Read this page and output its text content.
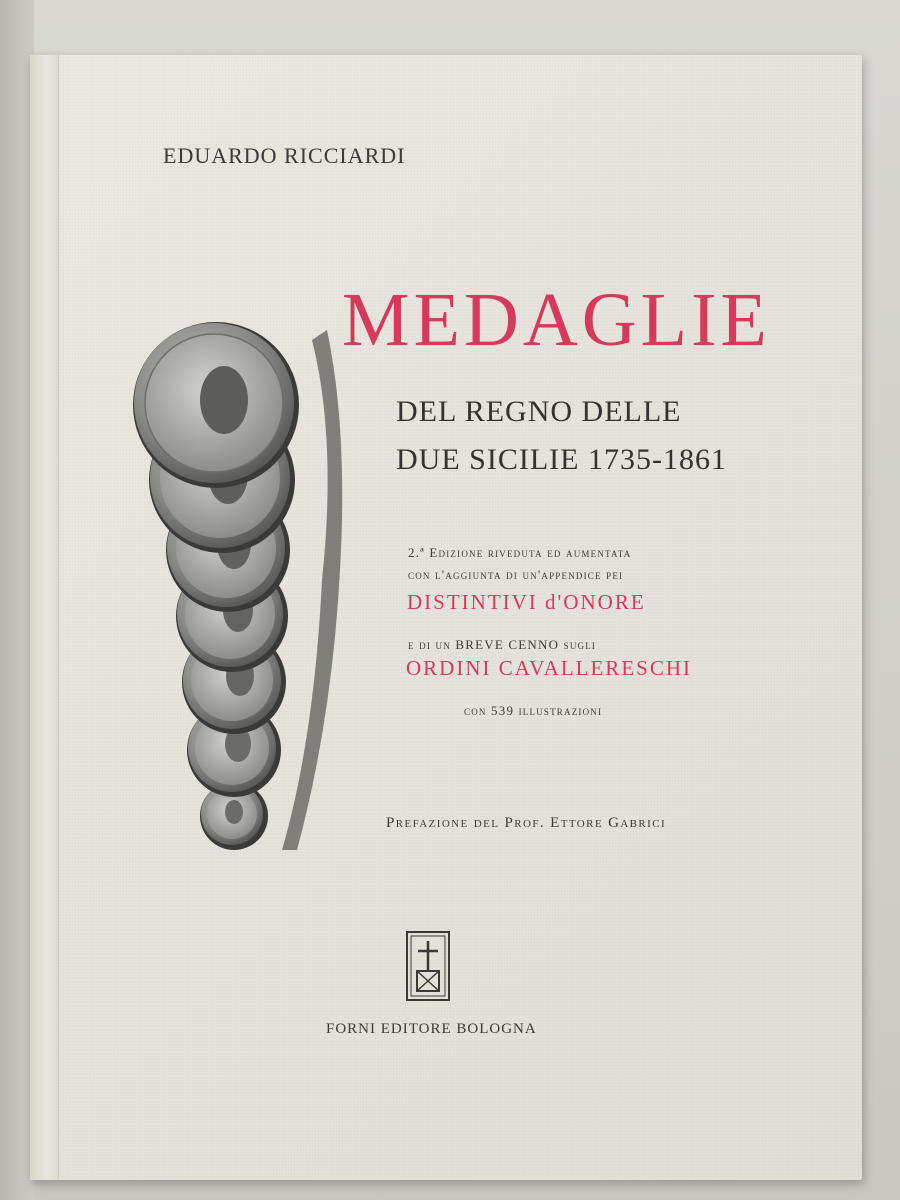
EDUARDO RICCIARDI
MEDAGLIE
DEL REGNO DELLE
DUE SICILIE 1735-1861
2.ª Edizione riveduta ed aumentata
con l'aggiunta di un'appendice pei
DISTINTIVI d'ONORE
e di un BREVE CENNO sugli
ORDINI CAVALLERESCHI
con 539 illustrazioni
Prefazione del Prof. Ettore Gabrici
FORNI EDITORE BOLOGNA
